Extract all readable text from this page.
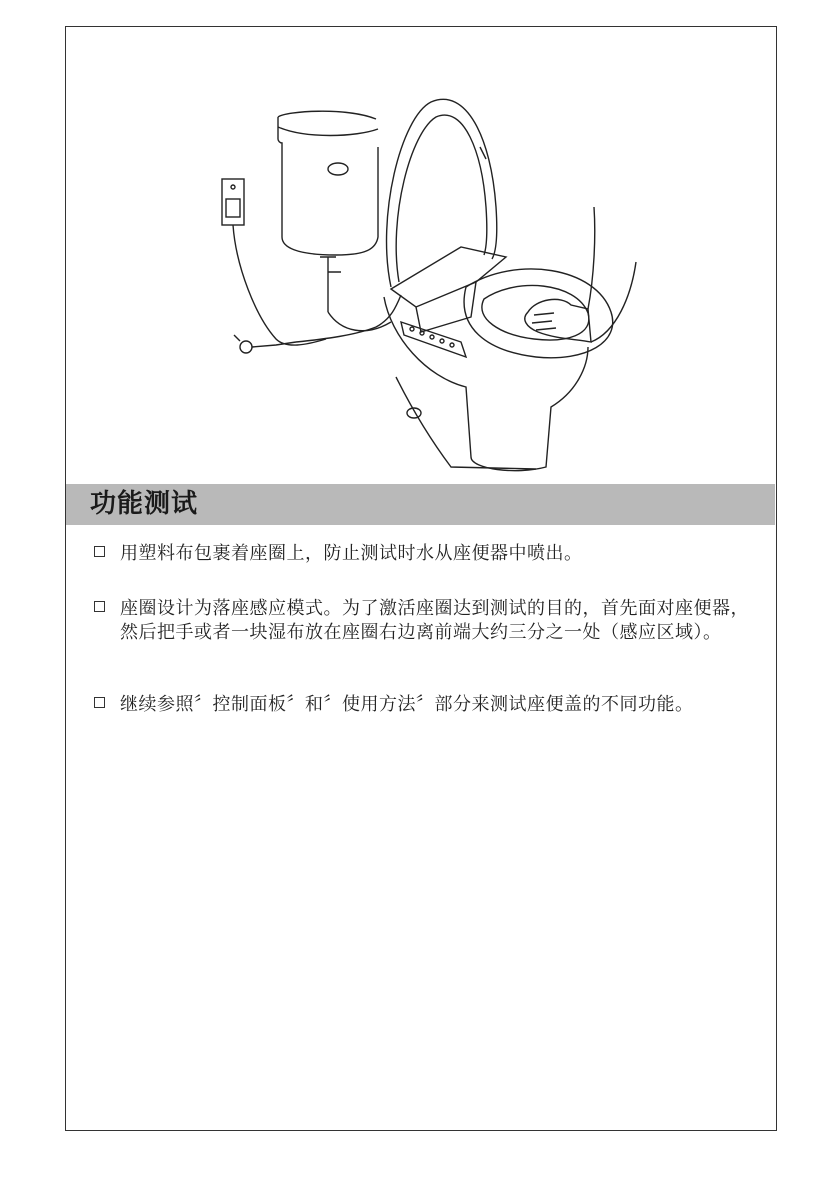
功能测试
用塑料布包裹着座圈上，防止测试时水从座便器中喷出。
座圈设计为落座感应模式。为了激活座圈达到测试的目的，首先面对座便器，然后把手或者一块湿布放在座圈右边离前端大约三分之一处（感应区域）。
继续参照〞控制面板〞和〞使用方法〞部分来测试座便盖的不同功能。
